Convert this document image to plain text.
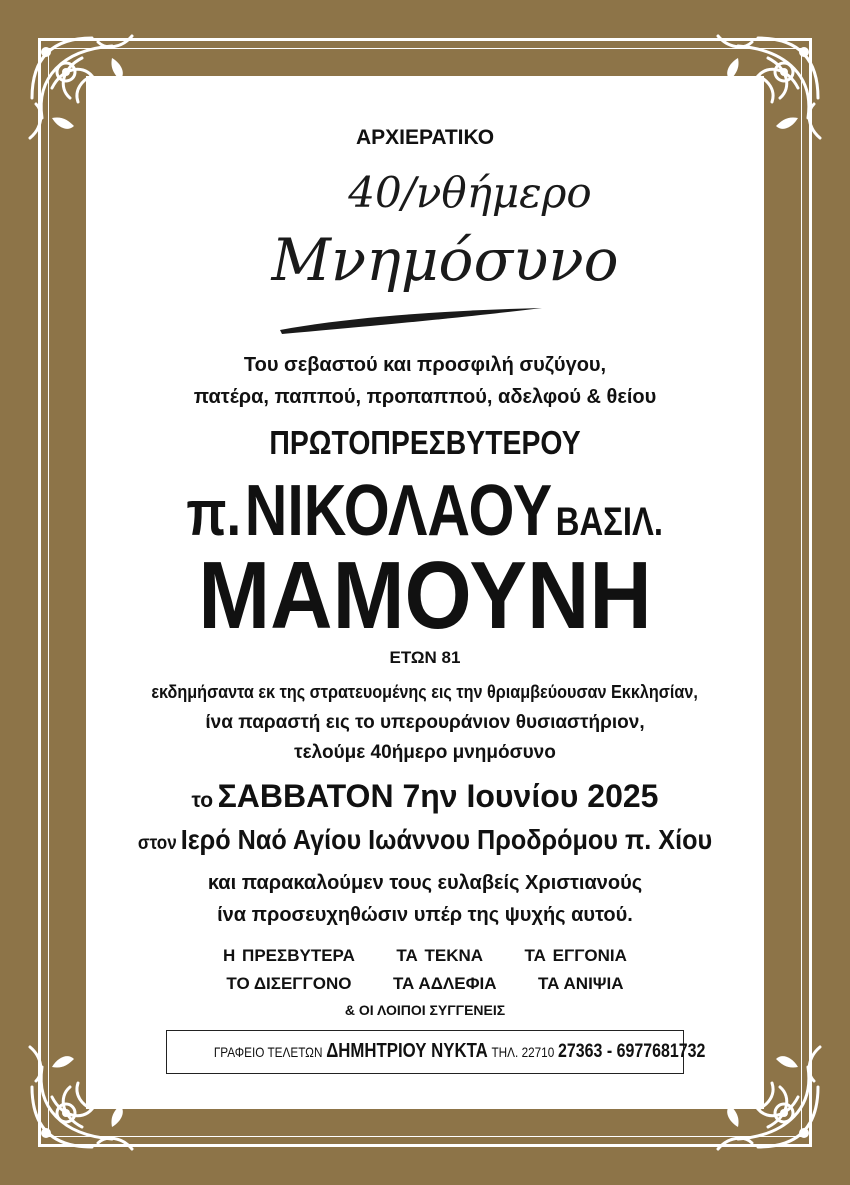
ΑΡΧΙΕΡΑΤΙΚΟ
40/νθήμερο
Μνημόσυνο
Του σεβαστού και προσφιλή συζύγου,
πατέρα, παππού, προπαππού, αδελφού & θείου
ΠΡΩΤΟΠΡΕΣΒΥΤΕΡΟΥ
π. ΝΙΚΟΛΑΟΥ ΒΑΣΙΛ.
ΜΑΜΟΥΝΗ
ΕΤΩΝ 81
εκδημήσαντα εκ της στρατευομένης εις την θριαμβεύουσαν Εκκλησίαν,
ίνα παραστή εις το υπερουράνιον θυσιαστήριον,
τελούμε 40ήμερο μνημόσυνο
το ΣΑΒΒΑΤΟΝ 7ην Ιουνίου 2025
στον Ιερό Ναό Αγίου Ιωάννου Προδρόμου π. Χίου
και παρακαλούμεν τους ευλαβείς Χριστιανούς
ίνα προσευχηθώσιν υπέρ της ψυχής αυτού.
Η ΠΡΕΣΒΥΤΕΡΑ ΤΑ ΤΕΚΝΑ ΤΑ ΕΓΓΟΝΙΑ
ΤΟ ΔΙΣΕΓΓΟΝΟ ΤΑ ΑΔΛΕΦΙΑ ΤΑ ΑΝΙΨΙΑ
& ΟΙ ΛΟΙΠΟΙ ΣΥΓΓΕΝΕΙΣ
ΓΡΑΦΕΙΟ ΤΕΛΕΤΩΝ ΔΗΜΗΤΡΙΟΥ ΝΥΚΤΑ ΤΗΛ. 22710 27363 - 6977681732
